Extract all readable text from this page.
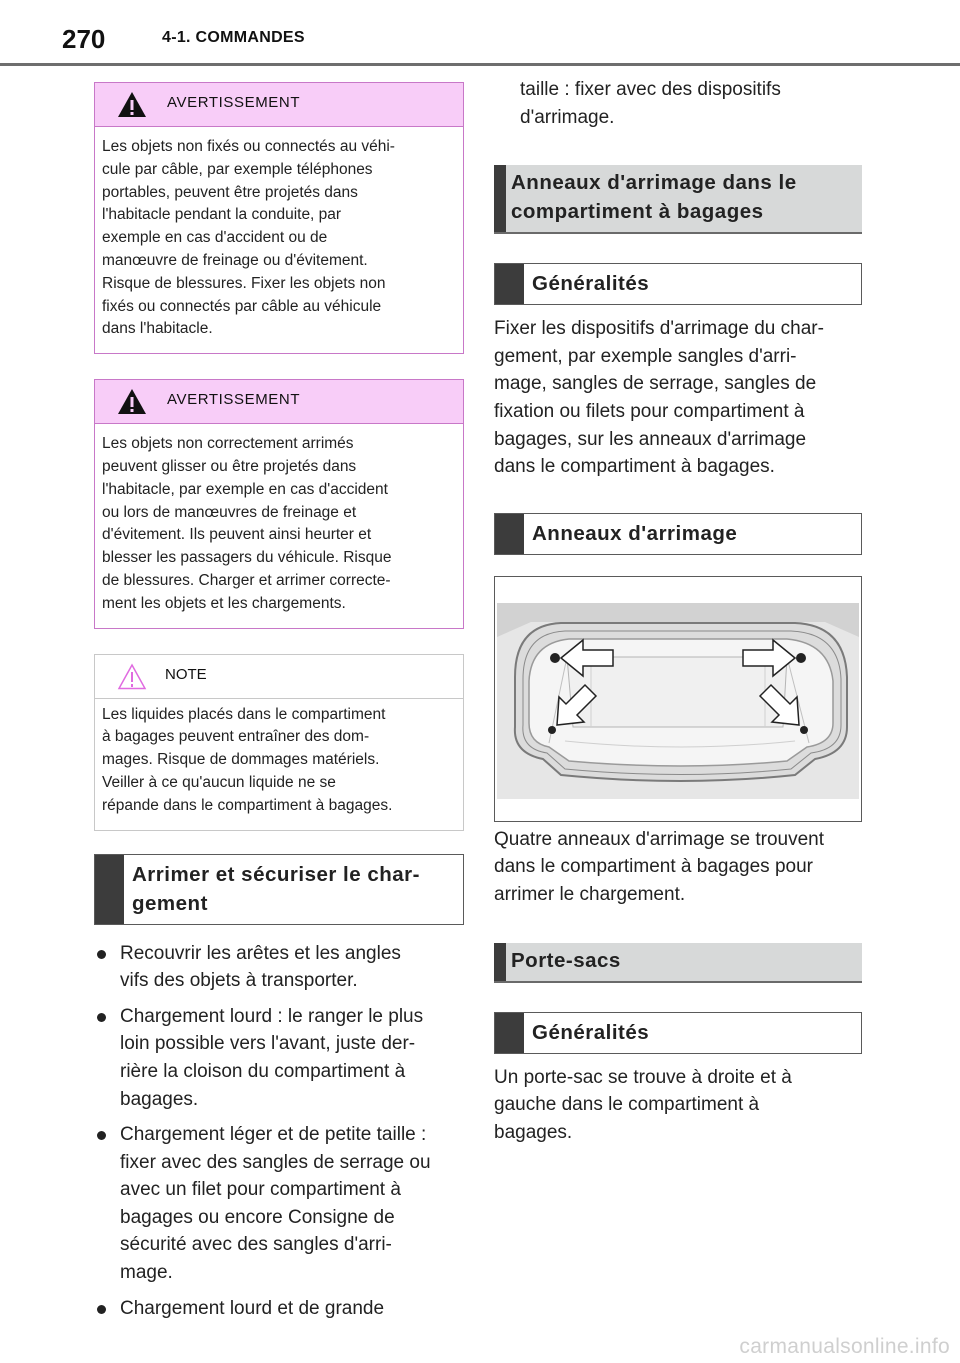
270	4-1. COMMANDES
AVERTISSEMENT
Les objets non fixés ou connectés au véhi-
cule par câble, par exemple téléphones
portables, peuvent être projetés dans
l'habitacle pendant la conduite, par
exemple en cas d'accident ou de
manœuvre de freinage ou d'évitement.
Risque de blessures. Fixer les objets non
fixés ou connectés par câble au véhicule
dans l'habitacle.
AVERTISSEMENT
Les objets non correctement arrimés
peuvent glisser ou être projetés dans
l'habitacle, par exemple en cas d'accident
ou lors de manœuvres de freinage et
d'évitement. Ils peuvent ainsi heurter et
blesser les passagers du véhicule. Risque
de blessures. Charger et arrimer correcte-
ment les objets et les chargements.
NOTE
Les liquides placés dans le compartiment
à bagages peuvent entraîner des dom-
mages. Risque de dommages matériels.
Veiller à ce qu'aucun liquide ne se
répande dans le compartiment à bagages.
Arrimer et sécuriser le char-
gement
Recouvrir les arêtes et les angles
vifs des objets à transporter.
Chargement lourd : le ranger le plus
loin possible vers l'avant, juste der-
rière la cloison du compartiment à
bagages.
Chargement léger et de petite taille :
fixer avec des sangles de serrage ou
avec un filet pour compartiment à
bagages ou encore Consigne de
sécurité avec des sangles d'arri-
mage.
Chargement lourd et de grande
taille : fixer avec des dispositifs
d'arrimage.
Anneaux d'arrimage dans le
compartiment à bagages
Généralités
Fixer les dispositifs d'arrimage du char-
gement, par exemple sangles d'arri-
mage, sangles de serrage, sangles de
fixation ou filets pour compartiment à
bagages, sur les anneaux d'arrimage
dans le compartiment à bagages.
Anneaux d'arrimage
Quatre anneaux d'arrimage se trouvent
dans le compartiment à bagages pour
arrimer le chargement.
Porte-sacs
Généralités
Un porte-sac se trouve à droite et à
gauche dans le compartiment à
bagages.
carmanualsonline.info
